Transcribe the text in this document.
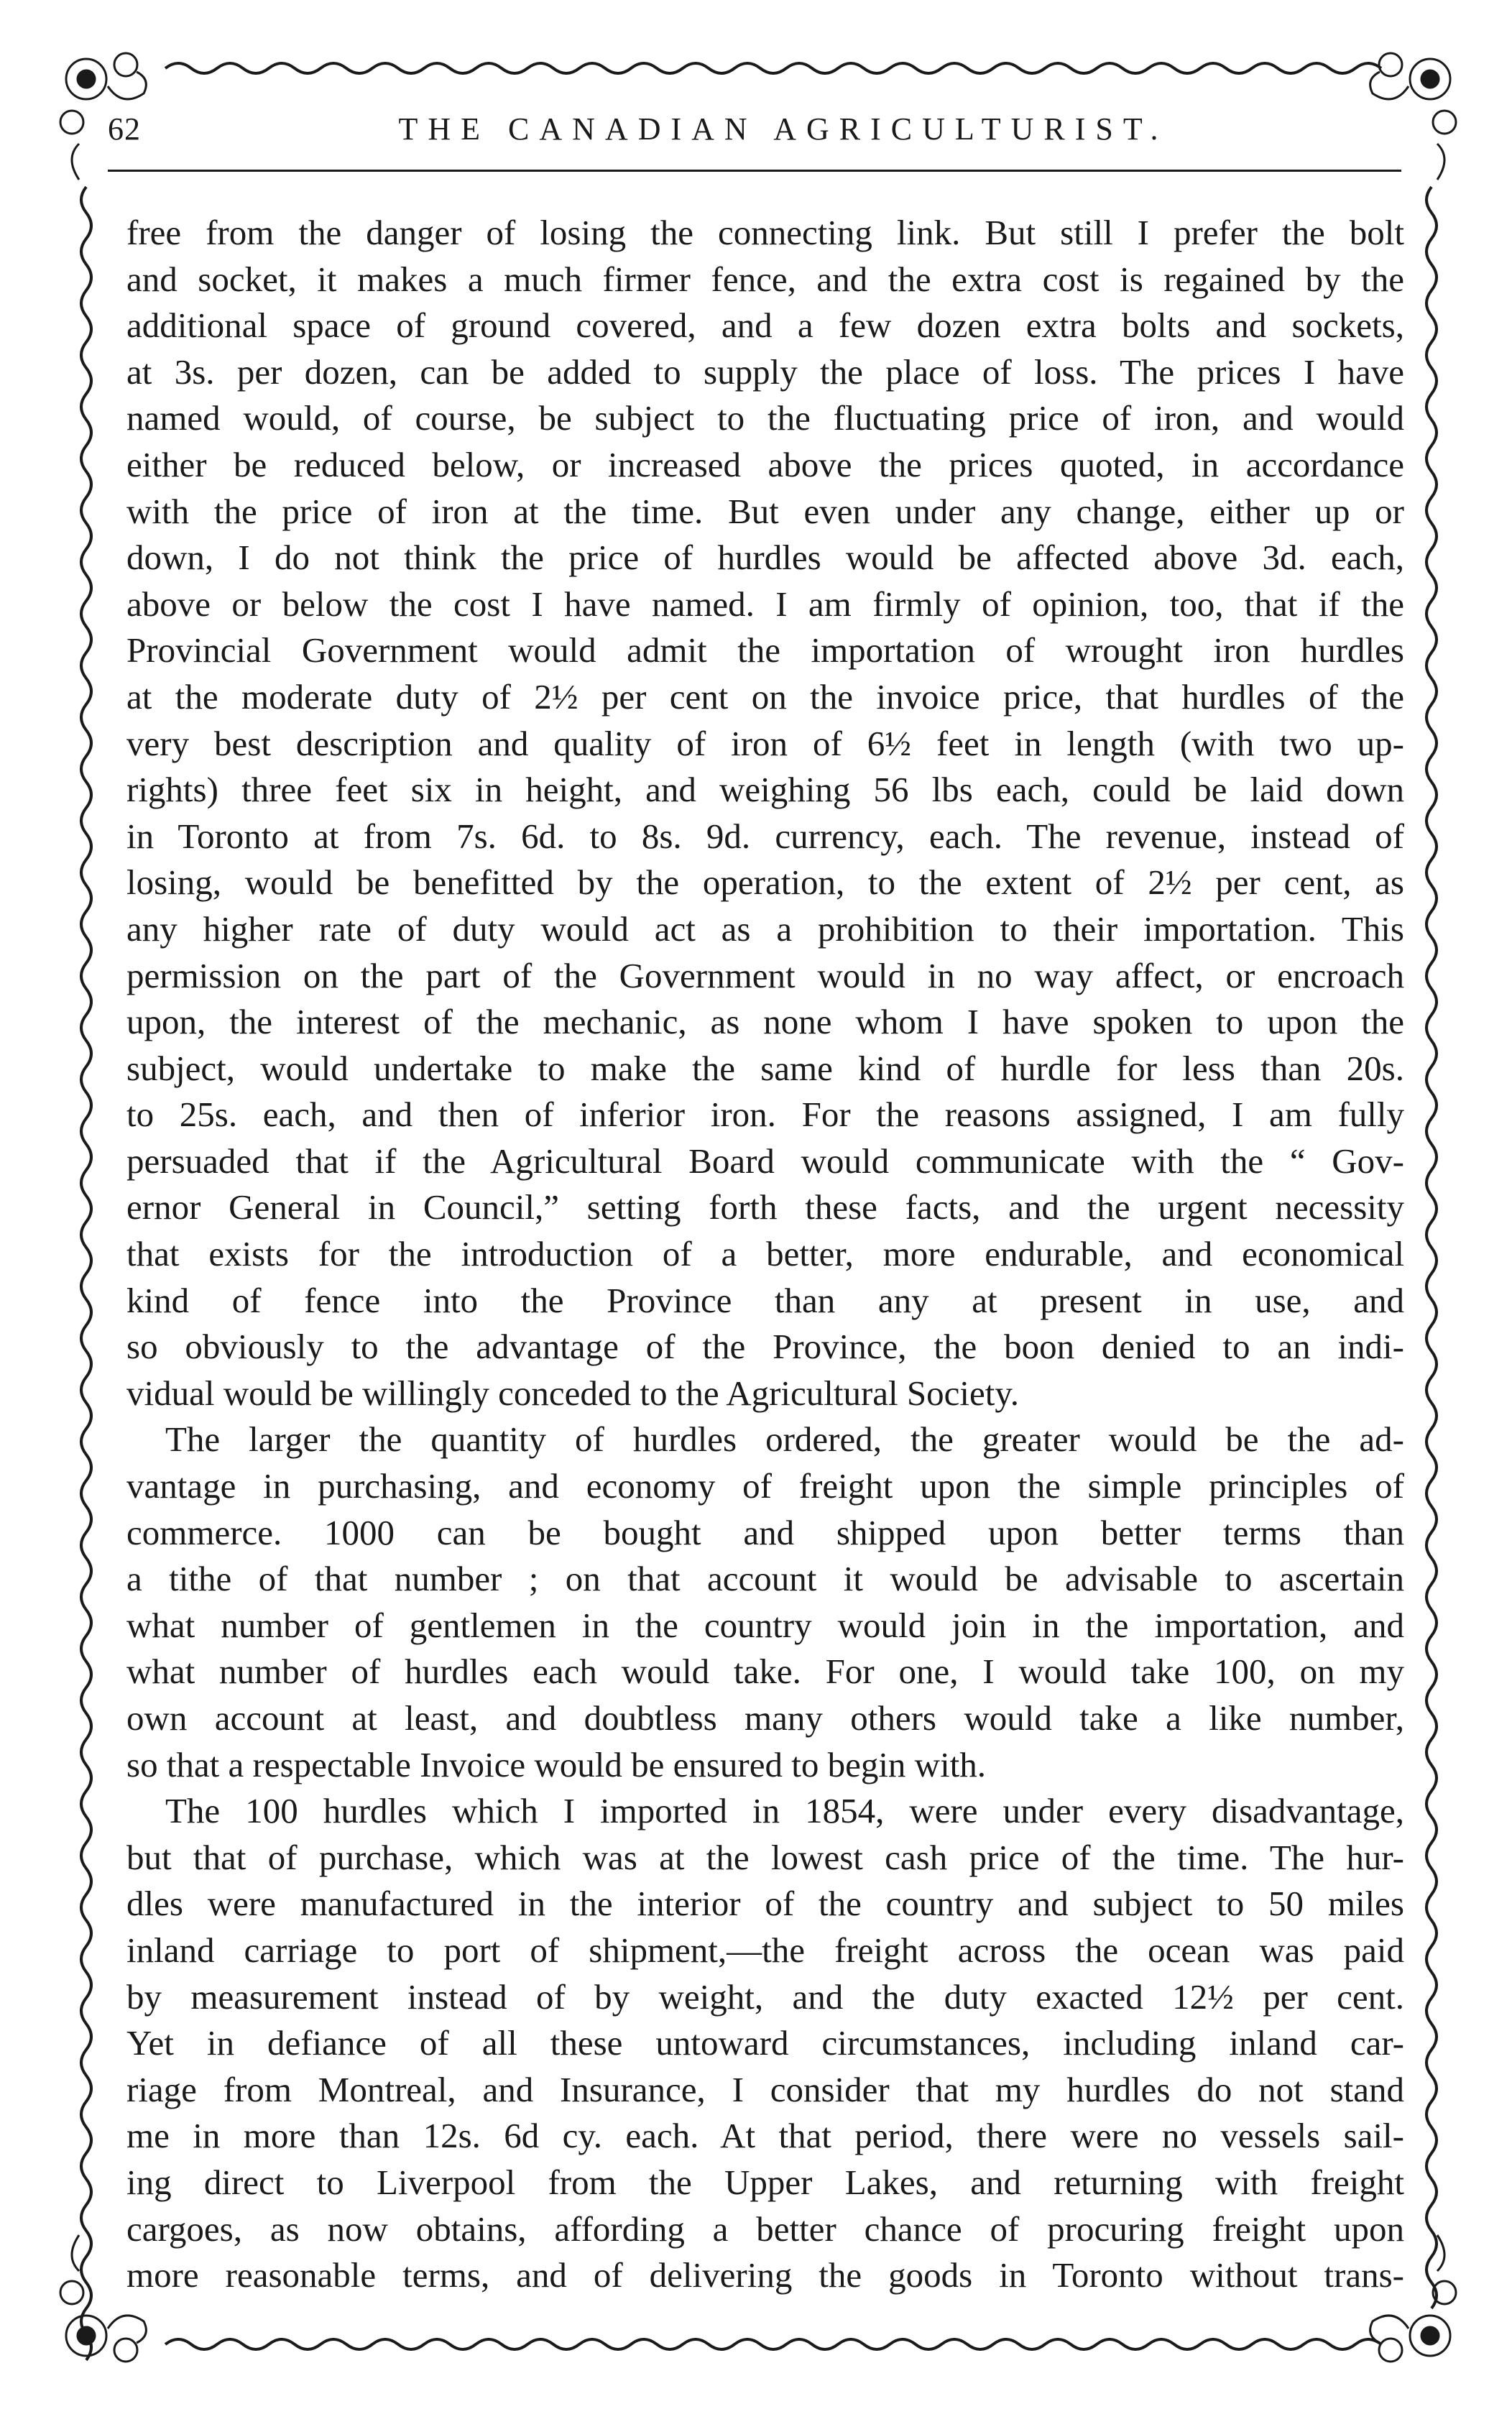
62	THE CANADIAN AGRICULTURIST.
free from the danger of losing the connecting link. But still I prefer the bolt
and socket, it makes a much firmer fence, and the extra cost is regained by the
additional space of ground covered, and a few dozen extra bolts and sockets,
at 3s. per dozen, can be added to supply the place of loss. The prices I have
named would, of course, be subject to the fluctuating price of iron, and would
either be reduced below, or increased above the prices quoted, in accordance
with the price of iron at the time. But even under any change, either up or
down, I do not think the price of hurdles would be affected above 3d. each,
above or below the cost I have named. I am firmly of opinion, too, that if the
Provincial Government would admit the importation of wrought iron hurdles
at the moderate duty of 2½ per cent on the invoice price, that hurdles of the
very best description and quality of iron of 6½ feet in length (with two up-
rights) three feet six in height, and weighing 56 lbs each, could be laid down
in Toronto at from 7s. 6d. to 8s. 9d. currency, each. The revenue, instead of
losing, would be benefitted by the operation, to the extent of 2½ per cent, as
any higher rate of duty would act as a prohibition to their importation. This
permission on the part of the Government would in no way affect, or encroach
upon, the interest of the mechanic, as none whom I have spoken to upon the
subject, would undertake to make the same kind of hurdle for less than 20s.
to 25s. each, and then of inferior iron. For the reasons assigned, I am fully
persuaded that if the Agricultural Board would communicate with the “ Gov-
ernor General in Council,” setting forth these facts, and the urgent necessity
that exists for the introduction of a better, more endurable, and economical
kind of fence into the Province than any at present in use, and
so obviously to the advantage of the Province, the boon denied to an indi-
vidual would be willingly conceded to the Agricultural Society.
The larger the quantity of hurdles ordered, the greater would be the ad-
vantage in purchasing, and economy of freight upon the simple principles of
commerce. 1000 can be bought and shipped upon better terms than
a tithe of that number ; on that account it would be advisable to ascertain
what number of gentlemen in the country would join in the importation, and
what number of hurdles each would take. For one, I would take 100, on my
own account at least, and doubtless many others would take a like number,
so that a respectable Invoice would be ensured to begin with.
The 100 hurdles which I imported in 1854, were under every disadvantage,
but that of purchase, which was at the lowest cash price of the time. The hur-
dles were manufactured in the interior of the country and subject to 50 miles
inland carriage to port of shipment,—the freight across the ocean was paid
by measurement instead of by weight, and the duty exacted 12½ per cent.
Yet in defiance of all these untoward circumstances, including inland car-
riage from Montreal, and Insurance, I consider that my hurdles do not stand
me in more than 12s. 6d cy. each. At that period, there were no vessels sail-
ing direct to Liverpool from the Upper Lakes, and returning with freight
cargoes, as now obtains, affording a better chance of procuring freight upon
more reasonable terms, and of delivering the goods in Toronto without trans-
